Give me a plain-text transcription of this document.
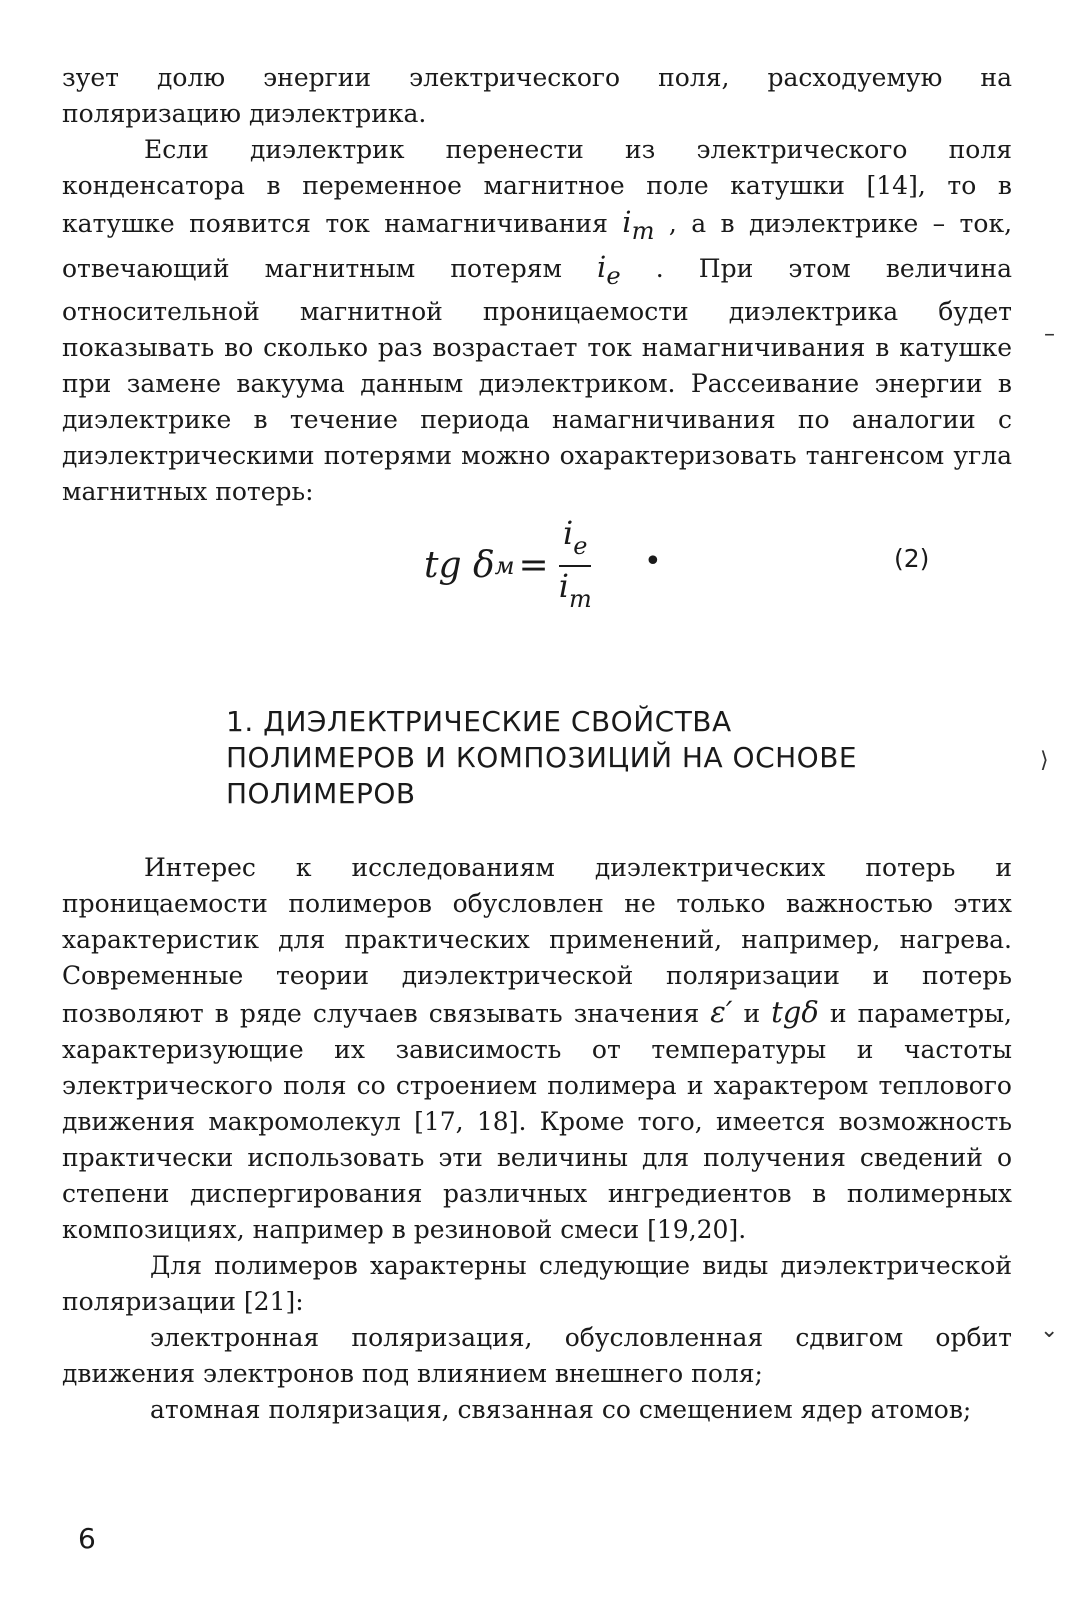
зует долю энергии электрического поля, расходуемую на поляризацию диэлектрика.

Если диэлектрик перенести из электрического поля конденсатора в переменное магнитное поле катушки [14], то в катушке появится ток намагничивания $i_m$ , а в диэлектрике – ток, отвечающий магнитным потерям $i_e$ . При этом величина относительной магнитной проницаемости диэлектрика будет показывать во сколько раз возрастает ток намагничивания в катушке при замене вакуума данным диэлектриком. Рассеивание энергии в диэлектрике в течение периода намагничивания по аналогии с диэлектрическими потерями можно охарактеризовать тангенсом угла магнитных потерь:

tg δ $м = \frac{i_e}{i_m}$ •	(2)
1. ДИЭЛЕКТРИЧЕСКИЕ СВОЙСТВА
ПОЛИМЕРОВ И КОМПОЗИЦИЙ НА ОСНОВЕ
ПОЛИМЕРОВ

Интерес к исследованиям диэлектрических потерь и проницаемости полимеров обусловлен не только важностью этих характеристик для практических применений, например, нагрева. Современные теории диэлектрической поляризации и потерь позволяют в ряде случаев связывать значения ε′ и tgδ и параметры, характеризующие их зависимость от температуры и частоты электрического поля со строением полимера и характером теплового движения макромолекул [17, 18]. Кроме того, имеется возможность практически использовать эти величины для получения сведений о степени диспергирования различных ингредиентов в полимерных композициях, например в резиновой смеси [19,20].

Для полимеров характерны следующие виды диэлектрической поляризации [21]:

электронная поляризация, обусловленная сдвигом орбит движения электронов под влиянием внешнего поля;

атомная поляризация, связанная со смещением ядер атомов;

–
⟩
⌄
6
